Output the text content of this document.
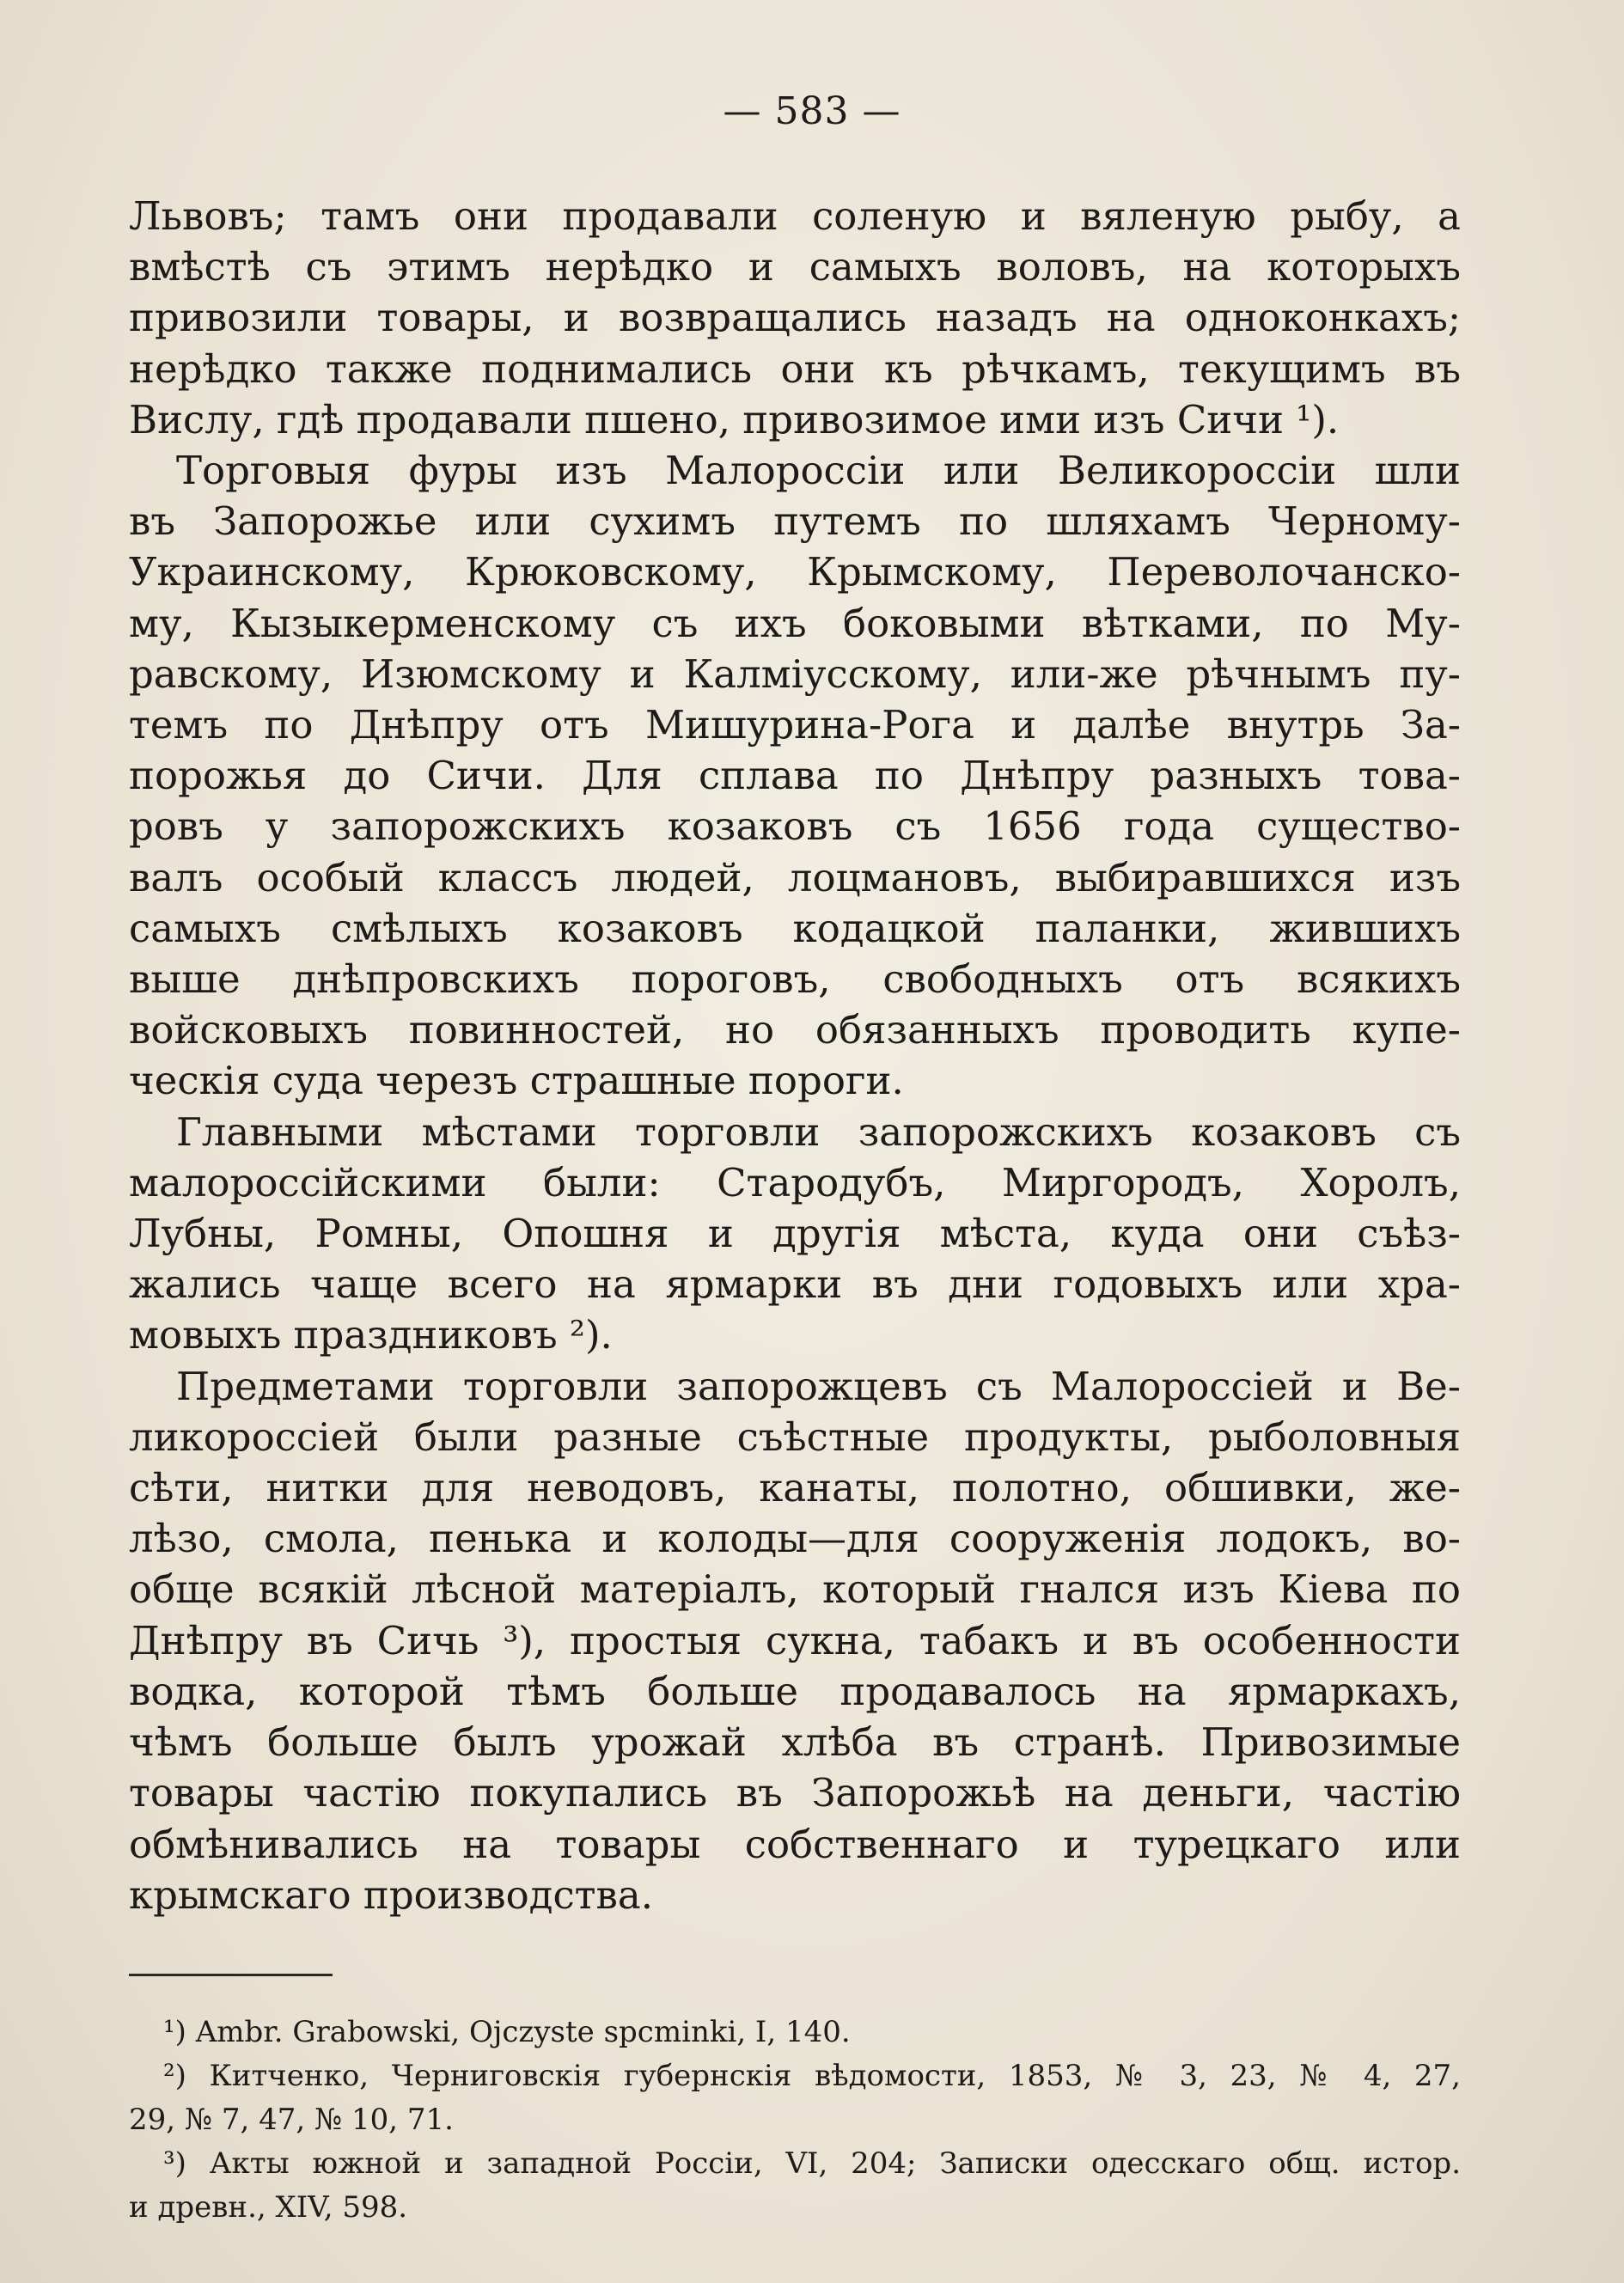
— 583 —

Львовъ; тамъ они продавали соленую и вяленую рыбу, а
вмѣстѣ съ этимъ нерѣдко и самыхъ воловъ, на которыхъ
привозили товары, и возвращались назадъ на одноконкахъ;
нерѣдко также поднимались они къ рѣчкамъ, текущимъ въ
Вислу, гдѣ продавали пшено, привозимое ими изъ Сичи ¹).

Торговыя фуры изъ Малороссіи или Великороссіи шли
въ Запорожье или сухимъ путемъ по шляхамъ Черному-
Украинскому, Крюковскому, Крымскому, Переволочанско-
му, Кызыкерменскому съ ихъ боковыми вѣтками, по Му-
равскому, Изюмскому и Калміусскому, или-же рѣчнымъ пу-
темъ по Днѣпру отъ Мишурина-Рога и далѣе внутрь За-
порожья до Сичи. Для сплава по Днѣпру разныхъ това-
ровъ у запорожскихъ козаковъ съ 1656 года существо-
валъ особый классъ людей, лоцмановъ, выбиравшихся изъ
самыхъ смѣлыхъ козаковъ кодацкой паланки, жившихъ
выше днѣпровскихъ пороговъ, свободныхъ отъ всякихъ
войсковыхъ повинностей, но обязанныхъ проводить купе-
ческія суда черезъ страшные пороги.

Главными мѣстами торговли запорожскихъ козаковъ съ
малороссійскими были: Стародубъ, Миргородъ, Хоролъ,
Лубны, Ромны, Опошня и другія мѣста, куда они съѣз-
жались чаще всего на ярмарки въ дни годовыхъ или хра-
мовыхъ праздниковъ ²).

Предметами торговли запорожцевъ съ Малороссіей и Ве-
ликороссіей были разные съѣстные продукты, рыболовныя
сѣти, нитки для неводовъ, канаты, полотно, обшивки, же-
лѣзо, смола, пенька и колоды—для сооруженія лодокъ, во-
обще всякій лѣсной матеріалъ, который гнался изъ Кіева по
Днѣпру въ Сичь ³), простыя сукна, табакъ и въ особенности
водка, которой тѣмъ больше продавалось на ярмаркахъ,
чѣмъ больше былъ урожай хлѣба въ странѣ. Привозимые
товары частію покупались въ Запорожьѣ на деньги, частію
обмѣнивались на товары собственнаго и турецкаго или
крымскаго производства.

¹) Ambr. Grabowski, Ojczyste spcminki, I, 140.

²) Китченко, Черниговскія губернскія вѣдомости, 1853, № 3, 23, № 4, 27,
29, № 7, 47, № 10, 71.

³) Акты южной и западной Россіи, VI, 204; Записки одесскаго общ. истор.
и древн., XIV, 598.
